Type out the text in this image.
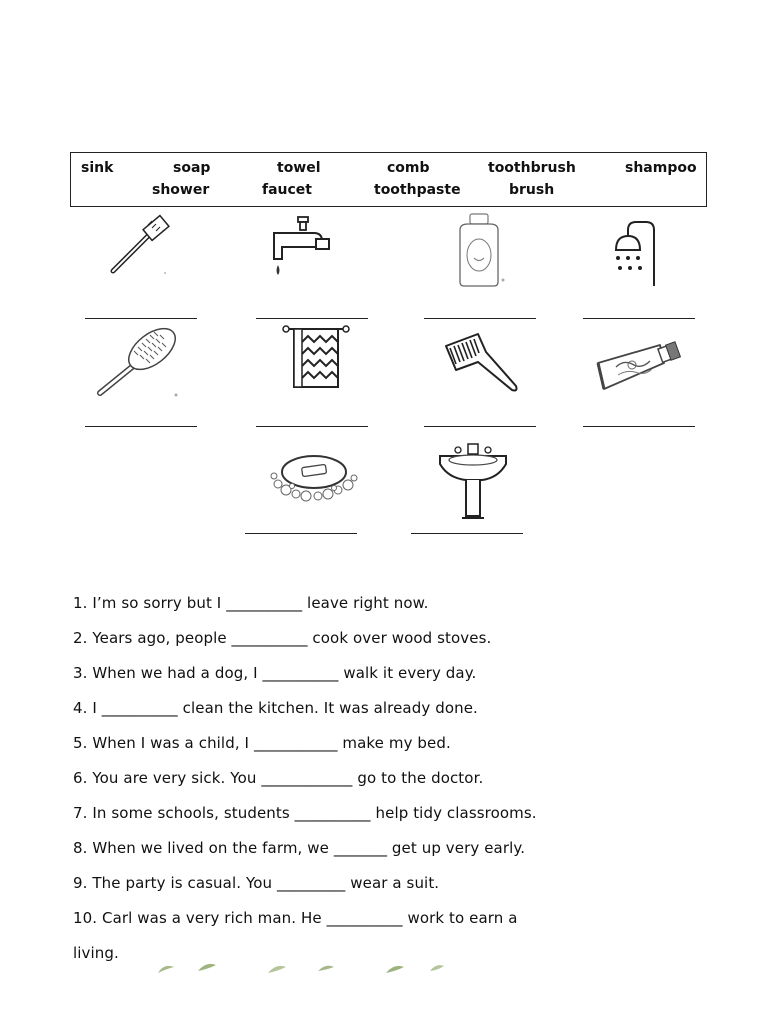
sink	soap	towel	comb	toothbrush	shampoo
shower	faucet	toothpaste	brush
1. I’m so sorry but I __________ leave right now.
2. Years ago, people __________ cook over wood stoves.
3. When we had a dog, I __________ walk it every day.
4. I __________ clean the kitchen. It was already done.
5. When I was a child, I ___________ make my bed.
6. You are very sick. You ____________ go to the doctor.
7. In some schools, students __________ help tidy classrooms.
8. When we lived on the farm, we _______ get up very early.
9. The party is casual. You _________ wear a suit.
10. Carl was a very rich man. He __________ work to earn a
living.
